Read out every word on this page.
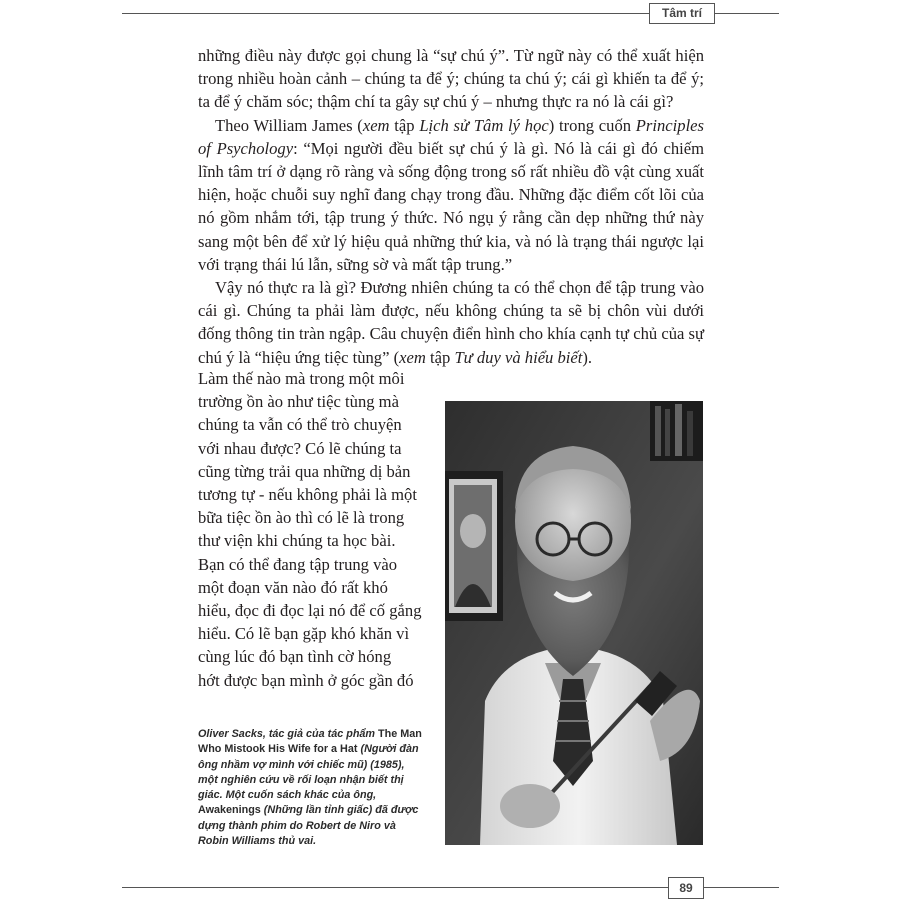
Tâm trí

những điều này được gọi chung là “sự chú ý”. Từ ngữ này có thể xuất hiện trong nhiều hoàn cảnh – chúng ta để ý; chúng ta chú ý; cái gì khiến ta để ý; ta để ý chăm sóc; thậm chí ta gây sự chú ý – nhưng thực ra nó là cái gì?

Theo William James (xem tập Lịch sử Tâm lý học) trong cuốn Principles of Psychology: “Mọi người đều biết sự chú ý là gì. Nó là cái gì đó chiếm lĩnh tâm trí ở dạng rõ ràng và sống động trong số rất nhiều đồ vật cùng xuất hiện, hoặc chuỗi suy nghĩ đang chạy trong đầu. Những đặc điểm cốt lõi của nó gồm nhắm tới, tập trung ý thức. Nó ngụ ý rằng cần dẹp những thứ này sang một bên để xử lý hiệu quả những thứ kia, và nó là trạng thái ngược lại với trạng thái lú lẫn, sững sờ và mất tập trung.”

Vậy nó thực ra là gì? Đương nhiên chúng ta có thể chọn để tập trung vào cái gì. Chúng ta phải làm được, nếu không chúng ta sẽ bị chôn vùi dưới đống thông tin tràn ngập. Câu chuyện điển hình cho khía cạnh tự chủ của sự chú ý là “hiệu ứng tiệc tùng” (xem tập Tư duy và hiểu biết).

Làm thế nào mà trong một môi
trường ồn ào như tiệc tùng mà
chúng ta vẫn có thể trò chuyện
với nhau được? Có lẽ chúng ta
cũng từng trải qua những dị bản
tương tự - nếu không phải là một
bữa tiệc ồn ào thì có lẽ là trong
thư viện khi chúng ta học bài.
Bạn có thể đang tập trung vào
một đoạn văn nào đó rất khó
hiểu, đọc đi đọc lại nó để cố gắng
hiểu. Có lẽ bạn gặp khó khăn vì
cùng lúc đó bạn tình cờ hóng
hớt được bạn mình ở góc gần đó
Oliver Sacks, tác giả của tác phẩm The Man Who Mistook His Wife for a Hat (Người đàn ông nhầm vợ mình với chiếc mũ) (1985), một nghiên cứu về rối loạn nhận biết thị giác. Một cuốn sách khác của ông, Awakenings (Những lần tỉnh giấc) đã được dựng thành phim do Robert de Niro và Robin Williams thủ vai.
89
